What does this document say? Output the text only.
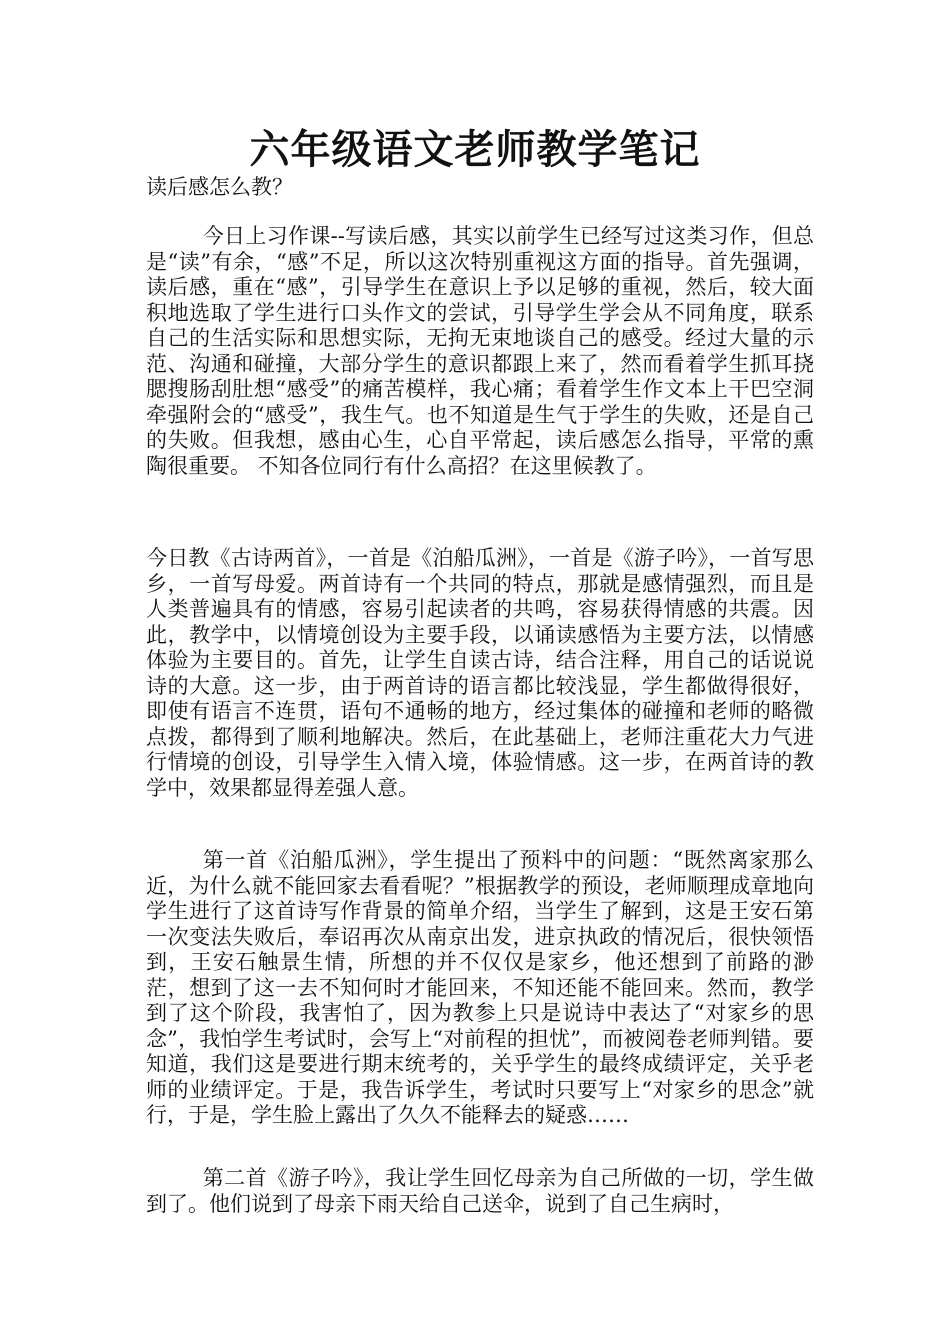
六年级语文老师教学笔记

读后感怎么教？

今日上习作课--写读后感，其实以前学生已经写过这类习作，但总是“读”有余，“感”不足，所以这次特别重视这方面的指导。首先强调，读后感，重在“感”，引导学生在意识上予以足够的重视，然后，较大面积地选取了学生进行口头作文的尝试，引导学生学会从不同角度，联系自己的生活实际和思想实际，无拘无束地谈自己的感受。经过大量的示范、沟通和碰撞，大部分学生的意识都跟上来了，然而看着学生抓耳挠腮搜肠刮肚想“感受”的痛苦模样，我心痛；看着学生作文本上干巴空洞牵强附会的“感受”，我生气。也不知道是生气于学生的失败，还是自己的失败。但我想，感由心生，心自平常起，读后感怎么指导，平常的熏陶很重要。 不知各位同行有什么高招？在这里候教了。

今日教《古诗两首》，一首是《泊船瓜洲》，一首是《游子吟》，一首写思乡，一首写母爱。两首诗有一个共同的特点，那就是感情强烈，而且是人类普遍具有的情感，容易引起读者的共鸣，容易获得情感的共震。因此，教学中，以情境创设为主要手段，以诵读感悟为主要方法，以情感体验为主要目的。首先，让学生自读古诗，结合注释，用自己的话说说诗的大意。这一步，由于两首诗的语言都比较浅显，学生都做得很好，即使有语言不连贯，语句不通畅的地方，经过集体的碰撞和老师的略微点拨，都得到了顺利地解决。然后，在此基础上，老师注重花大力气进行情境的创设，引导学生入情入境，体验情感。这一步，在两首诗的教学中，效果都显得差强人意。

第一首《泊船瓜洲》，学生提出了预料中的问题：“既然离家那么近，为什么就不能回家去看看呢？”根据教学的预设，老师顺理成章地向学生进行了这首诗写作背景的简单介绍，当学生了解到，这是王安石第一次变法失败后，奉诏再次从南京出发，进京执政的情况后，很快领悟到，王安石触景生情，所想的并不仅仅是家乡，他还想到了前路的渺茫，想到了这一去不知何时才能回来，不知还能不能回来。然而，教学到了这个阶段，我害怕了，因为教参上只是说诗中表达了“对家乡的思念”，我怕学生考试时，会写上“对前程的担忧”，而被阅卷老师判错。要知道，我们这是要进行期末统考的，关乎学生的最终成绩评定，关乎老师的业绩评定。于是，我告诉学生，考试时只要写上“对家乡的思念”就行，于是，学生脸上露出了久久不能释去的疑惑……

第二首《游子吟》，我让学生回忆母亲为自己所做的一切，学生做到了。他们说到了母亲下雨天给自己送伞，说到了自己生病时，
